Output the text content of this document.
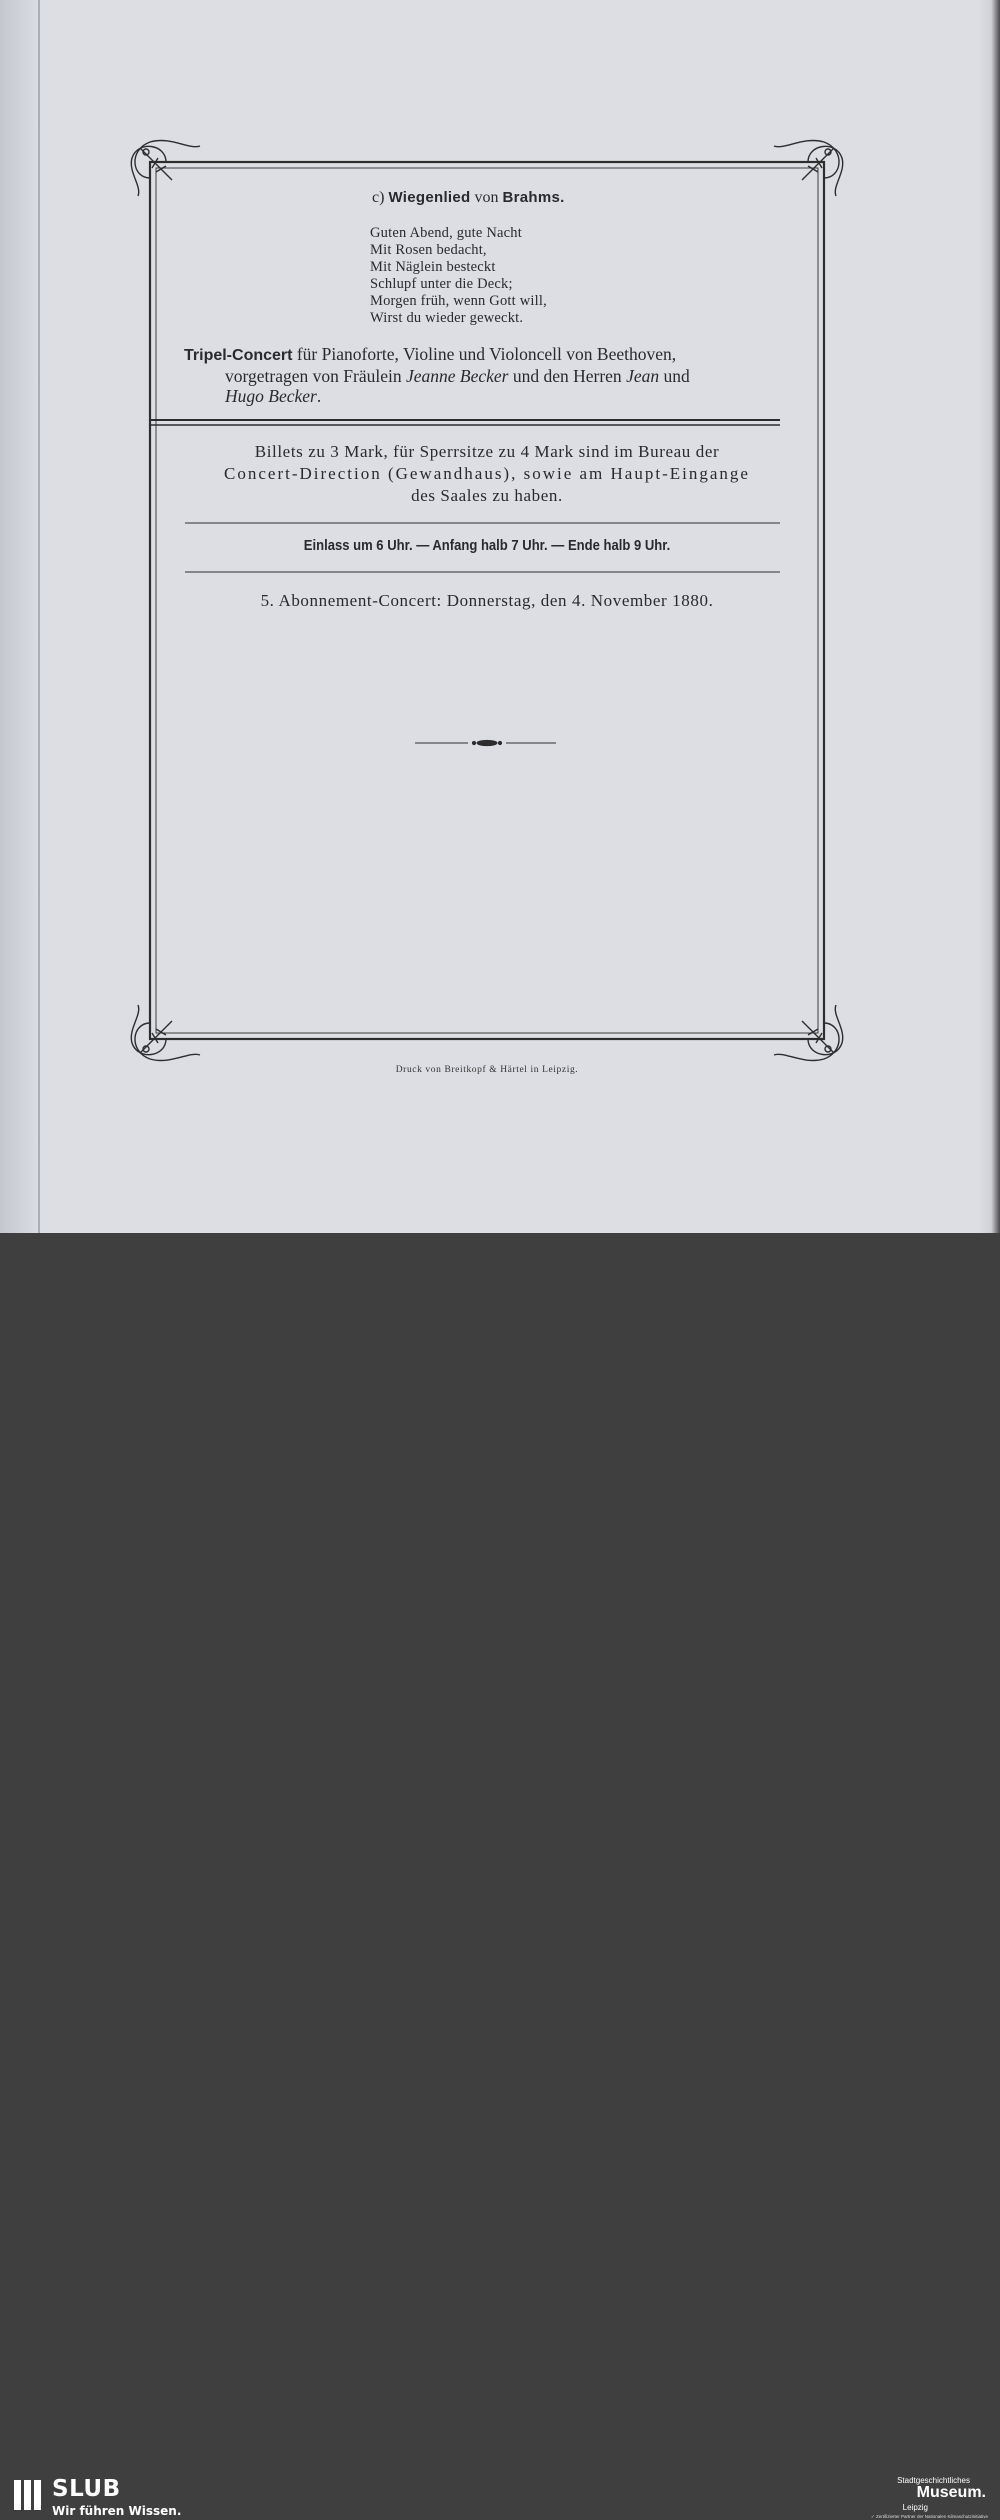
c) Wiegenlied von Brahms.
Guten Abend, gute Nacht
Mit Rosen bedacht,
Mit Näglein besteckt
Schlupf unter die Deck;
Morgen früh, wenn Gott will,
Wirst du wieder geweckt.
Tripel-Concert für Pianoforte, Violine und Violoncell von Beethoven,
vorgetragen von Fräulein Jeanne Becker und den Herren Jean und
Hugo Becker.
Billets zu 3 Mark, für Sperrsitze zu 4 Mark sind im Bureau der
Concert-Direction (Gewandhaus), sowie am Haupt-Eingange
des Saales zu haben.
Einlass um 6 Uhr. — Anfang halb 7 Uhr. — Ende halb 9 Uhr.
5. Abonnement-Concert: Donnerstag, den 4. November 1880.
Druck von Breitkopf & Härtel in Leipzig.
SLUB
Wir führen Wissen.
Stadtgeschichtliches
Museum.
Leipzig
✓ Zertifizierter Partner der Nationalen Kilmaschutzinitiative
